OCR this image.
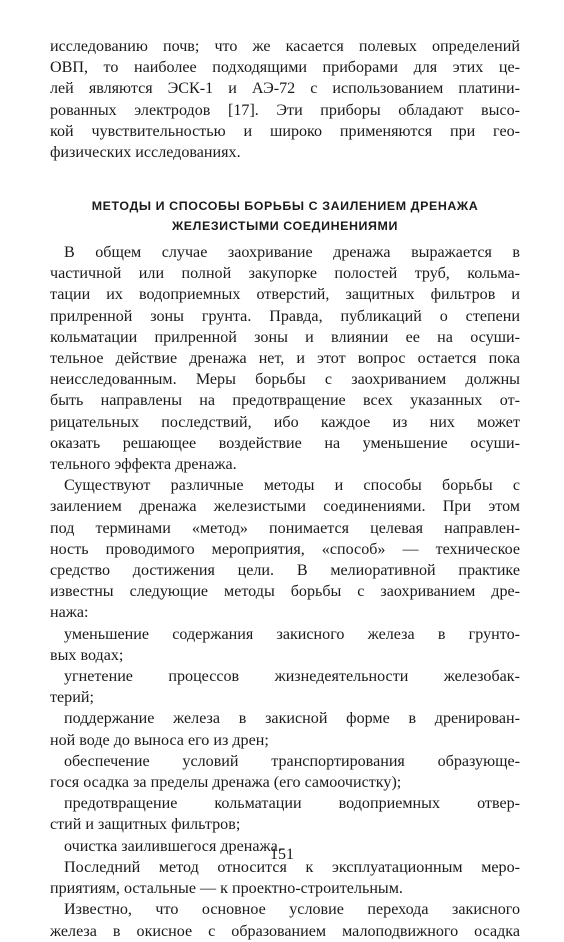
исследованию почв; что же касается полевых определений
ОВП, то наиболее подходящими приборами для этих це-
лей являются ЭСК-1 и АЭ-72 с использованием платини-
рованных электродов [17]. Эти приборы обладают высо-
кой чувствительностью и широко применяются при гео-
физических исследованиях.
МЕТОДЫ И СПОСОБЫ БОРЬБЫ С ЗАИЛЕНИЕМ ДРЕНАЖА
ЖЕЛЕЗИСТЫМИ СОЕДИНЕНИЯМИ
В общем случае заохривание дренажа выражается в
частичной или полной закупорке полостей труб, кольма-
тации их водоприемных отверстий, защитных фильтров и
прилренной зоны грунта. Правда, публикаций о степени
кольматации прилренной зоны и влиянии ее на осуши-
тельное действие дренажа нет, и этот вопрос остается пока
неисследованным. Меры борьбы с заохриванием должны
быть направлены на предотвращение всех указанных от-
рицательных последствий, ибо каждое из них может
оказать решающее воздействие на уменьшение осуши-
тельного эффекта дренажа.
Существуют различные методы и способы борьбы с
заилением дренажа железистыми соединениями. При этом
под терминами «метод» понимается целевая направлен-
ность проводимого мероприятия, «способ» — техническое
средство достижения цели. В мелиоративной практике
известны следующие методы борьбы с заохриванием дре-
нажа:
уменьшение содержания закисного железа в грунто-
вых водах;
угнетение процессов жизнедеятельности железобак-
терий;
поддержание железа в закисной форме в дренирован-
ной воде до выноса его из дрен;
обеспечение условий транспортирования образующе-
гося осадка за пределы дренажа (его самоочистку);
предотвращение кольматации водоприемных отвер-
стий и защитных фильтров;
очистка заилившегося дренажа.
Последний метод относится к эксплуатационным меро-
приятиям, остальные — к проектно-строительным.
Известно, что основное условие перехода закисного
железа в окисное с образованием малоподвижного осадка
151
